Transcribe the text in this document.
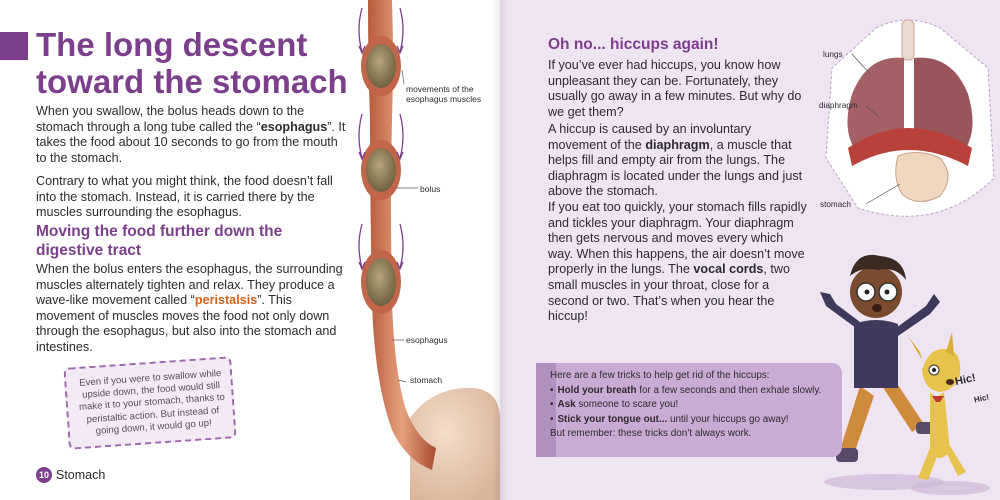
The long descent
toward the stomach

When you swallow, the bolus heads down to the stomach through a long tube called the “esophagus”. It takes the food about 10 seconds to go from the mouth to the stomach.

Contrary to what you might think, the food doesn’t fall into the stomach. Instead, it is carried there by the muscles surrounding the esophagus.

Moving the food further down the digestive tract

When the bolus enters the esophagus, the surrounding muscles alternately tighten and relax. They produce a wave-like movement called “peristalsis”. This movement of muscles moves the food not only down through the esophagus, but also into the stomach and intestines.

Even if you were to swallow while upside down, the food would still make it to your stomach, thanks to peristaltic action. But instead of going down, it would go up!
movements of the esophagus muscles
bolus
esophagus
stomach
10 Stomach
Oh no... hiccups again!
If you’ve ever had hiccups, you know how unpleasant they can be. Fortunately, they usually go away in a few minutes. But why do we get them?
A hiccup is caused by an involuntary movement of the diaphragm, a muscle that helps fill and empty air from the lungs. The diaphragm is located under the lungs and just above the stomach.
If you eat too quickly, your stomach fills rapidly and tickles your diaphragm. Your diaphragm then gets nervous and moves every which way. When this happens, the air doesn’t move properly in the lungs. The vocal cords, two small muscles in your throat, close for a second or two. That’s when you hear the hiccup!
lungs
diaphragm
stomach
Hic!
Hic!
Here are a few tricks to help get rid of the hiccups:
• Hold your breath for a few seconds and then exhale slowly.
• Ask someone to scare you!
• Stick your tongue out... until your hiccups go away!
But remember: these tricks don’t always work.
